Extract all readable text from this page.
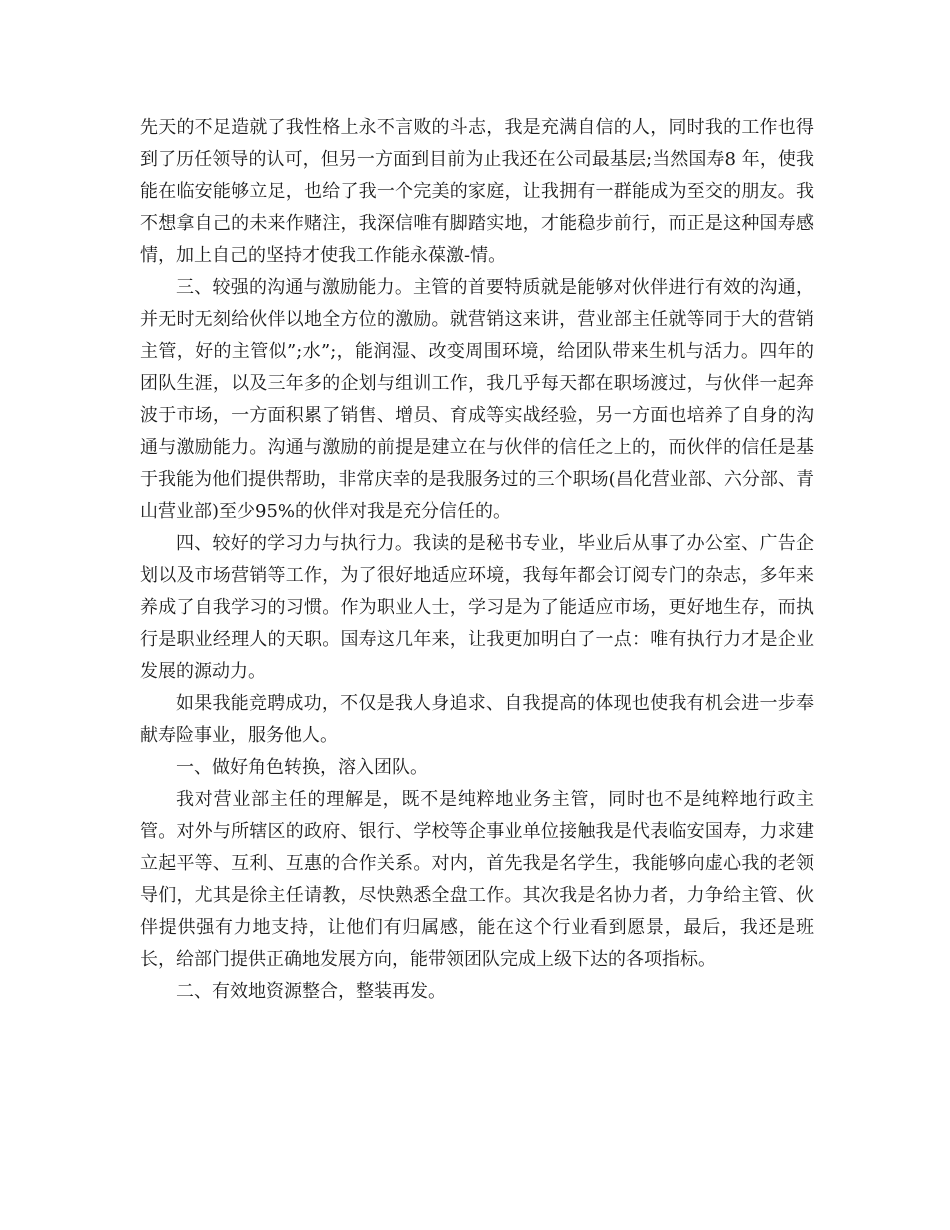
先天的不足造就了我性格上永不言败的斗志，我是充满自信的人，同时我的工作也得到了历任领导的认可，但另一方面到目前为止我还在公司最基层;当然国寿8 年，使我能在临安能够立足，也给了我一个完美的家庭，让我拥有一群能成为至交的朋友。我不想拿自己的未来作赌注，我深信唯有脚踏实地，才能稳步前行，而正是这种国寿感情，加上自己的坚持才使我工作能永葆激-情。

三、较强的沟通与激励能力。主管的首要特质就是能够对伙伴进行有效的沟通，并无时无刻给伙伴以地全方位的激励。就营销这来讲，营业部主任就等同于大的营销主管，好的主管似”;水”;，能润湿、改变周围环境，给团队带来生机与活力。四年的团队生涯，以及三年多的企划与组训工作，我几乎每天都在职场渡过，与伙伴一起奔波于市场，一方面积累了销售、增员、育成等实战经验，另一方面也培养了自身的沟通与激励能力。沟通与激励的前提是建立在与伙伴的信任之上的，而伙伴的信任是基于我能为他们提供帮助，非常庆幸的是我服务过的三个职场(昌化营业部、六分部、青山营业部)至少95%的伙伴对我是充分信任的。

四、较好的学习力与执行力。我读的是秘书专业，毕业后从事了办公室、广告企划以及市场营销等工作，为了很好地适应环境，我每年都会订阅专门的杂志，多年来养成了自我学习的习惯。作为职业人士，学习是为了能适应市场，更好地生存，而执行是职业经理人的天职。国寿这几年来，让我更加明白了一点：唯有执行力才是企业发展的源动力。

如果我能竞聘成功，不仅是我人身追求、自我提高的体现也使我有机会进一步奉献寿险事业，服务他人。

一、做好角色转换，溶入团队。

我对营业部主任的理解是，既不是纯粹地业务主管，同时也不是纯粹地行政主管。对外与所辖区的政府、银行、学校等企事业单位接触我是代表临安国寿，力求建立起平等、互利、互惠的合作关系。对内，首先我是名学生，我能够向虚心我的老领导们，尤其是徐主任请教，尽快熟悉全盘工作。其次我是名协力者，力争给主管、伙伴提供强有力地支持，让他们有归属感，能在这个行业看到愿景，最后，我还是班长，给部门提供正确地发展方向，能带领团队完成上级下达的各项指标。

二、有效地资源整合，整装再发。
